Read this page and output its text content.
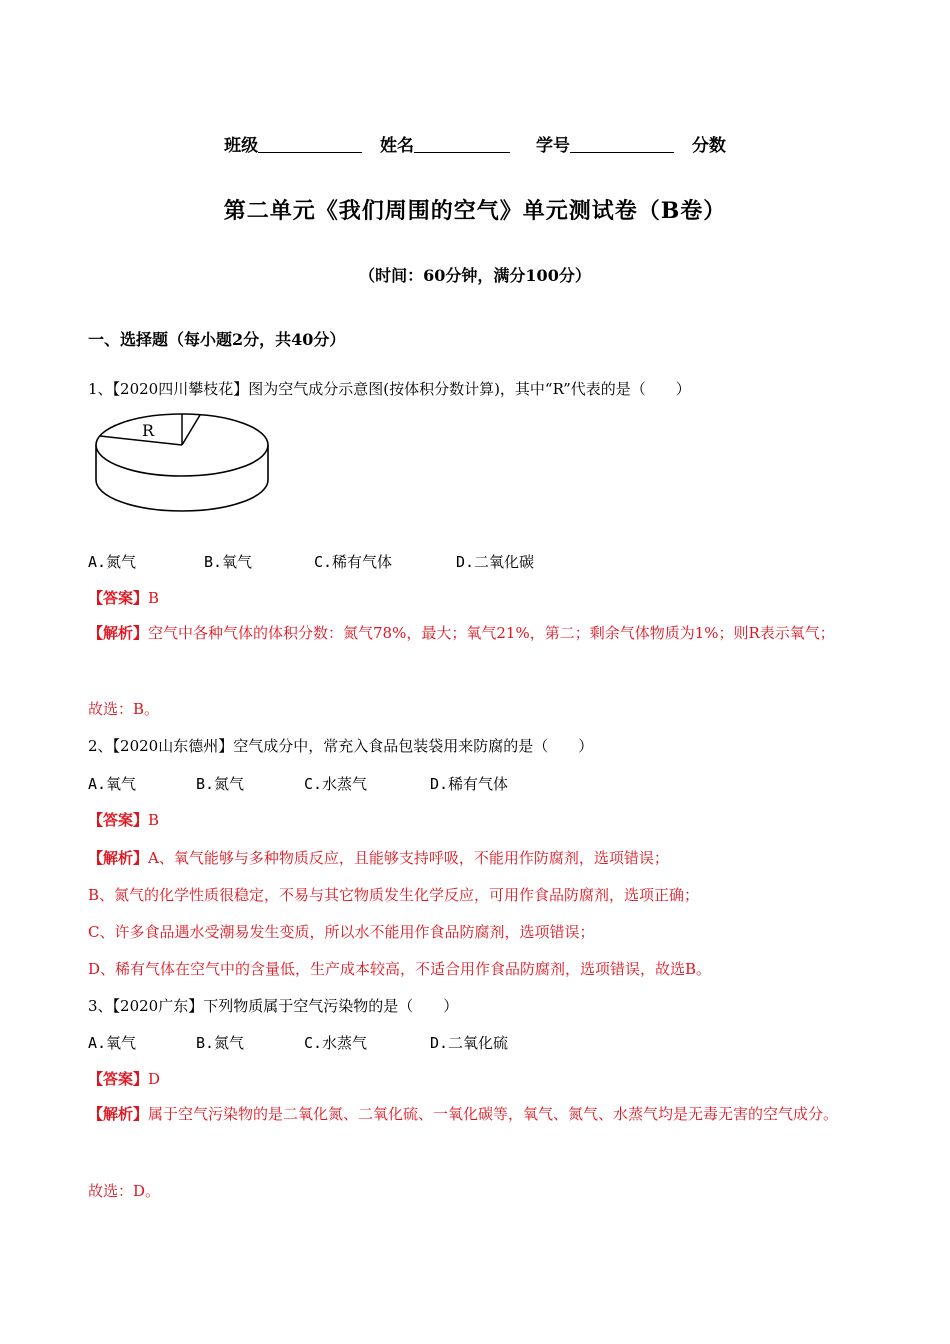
班级	姓名	学号	分数
第二单元《我们周围的空气》单元测试卷（B卷）
（时间：60分钟，满分100分）
一、选择题（每小题2分，共40分）
1、【2020四川攀枝花】图为空气成分示意图(按体积分数计算)，其中“R”代表的是（　　）
R
A.氮气	B.氧气	C.稀有气体	D.二氧化碳
【答案】B
【解析】空气中各种气体的体积分数：氮气78%，最大；氧气21%，第二；剩余气体物质为1%；则R表示氧气；
故选：B。
2、【2020山东德州】空气成分中，常充入食品包装袋用来防腐的是（　　）
A.氧气	B.氮气	C.水蒸气	D.稀有气体
【答案】B
【解析】A、氧气能够与多种物质反应，且能够支持呼吸，不能用作防腐剂，选项错误；
B、氮气的化学性质很稳定，不易与其它物质发生化学反应，可用作食品防腐剂，选项正确；
C、许多食品遇水受潮易发生变质，所以水不能用作食品防腐剂，选项错误；
D、稀有气体在空气中的含量低，生产成本较高，不适合用作食品防腐剂，选项错误，故选B。
3、【2020广东】下列物质属于空气污染物的是（　　）
A.氧气	B.氮气	C.水蒸气	D.二氧化硫
【答案】D
【解析】属于空气污染物的是二氧化氮、二氧化硫、一氧化碳等，氧气、氮气、水蒸气均是无毒无害的空气成分。
故选：D。
